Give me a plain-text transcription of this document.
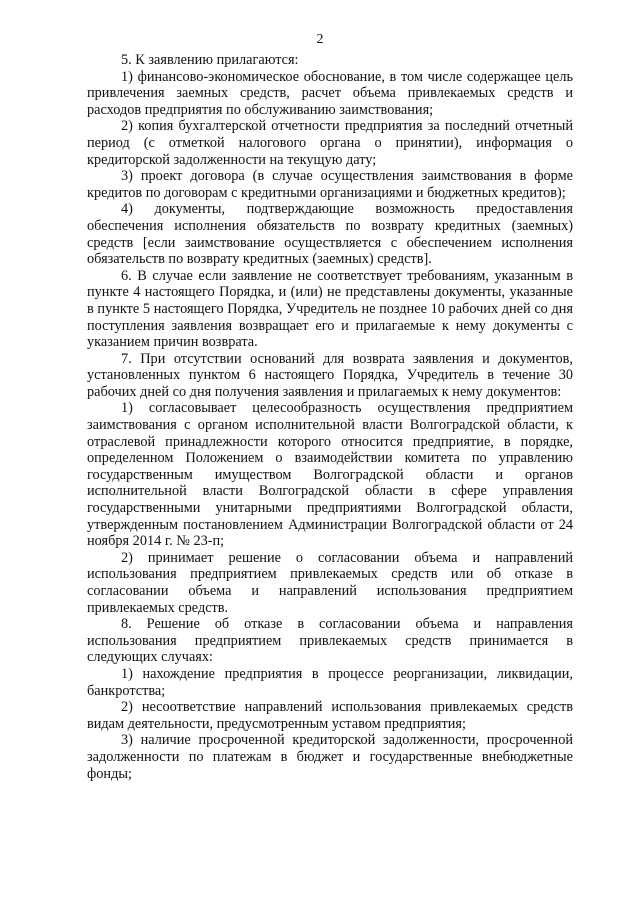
2

5. К заявлению прилагаются:

1) финансово-экономическое обоснование, в том числе содержащее цель привлечения заемных средств, расчет объема привлекаемых средств и расходов предприятия по обслуживанию заимствования;

2) копия бухгалтерской отчетности предприятия за последний отчетный период (с отметкой налогового органа о принятии), информация о кредиторской задолженности на текущую дату;

3) проект договора (в случае осуществления заимствования в форме кредитов по договорам с кредитными организациями и бюджетных кредитов);

4) документы, подтверждающие возможность предоставления обеспечения исполнения обязательств по возврату кредитных (заемных) средств [если заимствование осуществляется с обеспечением исполнения обязательств по возврату кредитных (заемных) средств].

6. В случае если заявление не соответствует требованиям, указанным в пункте 4 настоящего Порядка, и (или) не представлены документы, указанные в пункте 5 настоящего Порядка, Учредитель не позднее 10 рабочих дней со дня поступления заявления возвращает его и прилагаемые к нему документы с указанием причин возврата.

7. При отсутствии оснований для возврата заявления и документов, установленных пунктом 6 настоящего Порядка, Учредитель в течение 30 рабочих дней со дня получения заявления и прилагаемых к нему документов:

1) согласовывает целесообразность осуществления предприятием заимствования с органом исполнительной власти Волгоградской области, к отраслевой принадлежности которого относится предприятие, в порядке, определенном Положением о взаимодействии комитета по управлению государственным имуществом Волгоградской области и органов исполнительной власти Волгоградской области в сфере управления государственными унитарными предприятиями Волгоградской области, утвержденным постановлением Администрации Волгоградской области от 24 ноября 2014 г. № 23-п;

2) принимает решение о согласовании объема и направлений использования предприятием привлекаемых средств или об отказе в согласовании объема и направлений использования предприятием привлекаемых средств.

8. Решение об отказе в согласовании объема и направления использования предприятием привлекаемых средств принимается в следующих случаях:

1) нахождение предприятия в процессе реорганизации, ликвидации, банкротства;

2) несоответствие направлений использования привлекаемых средств видам деятельности, предусмотренным уставом предприятия;

3) наличие просроченной кредиторской задолженности, просроченной задолженности по платежам в бюджет и государственные внебюджетные фонды;
